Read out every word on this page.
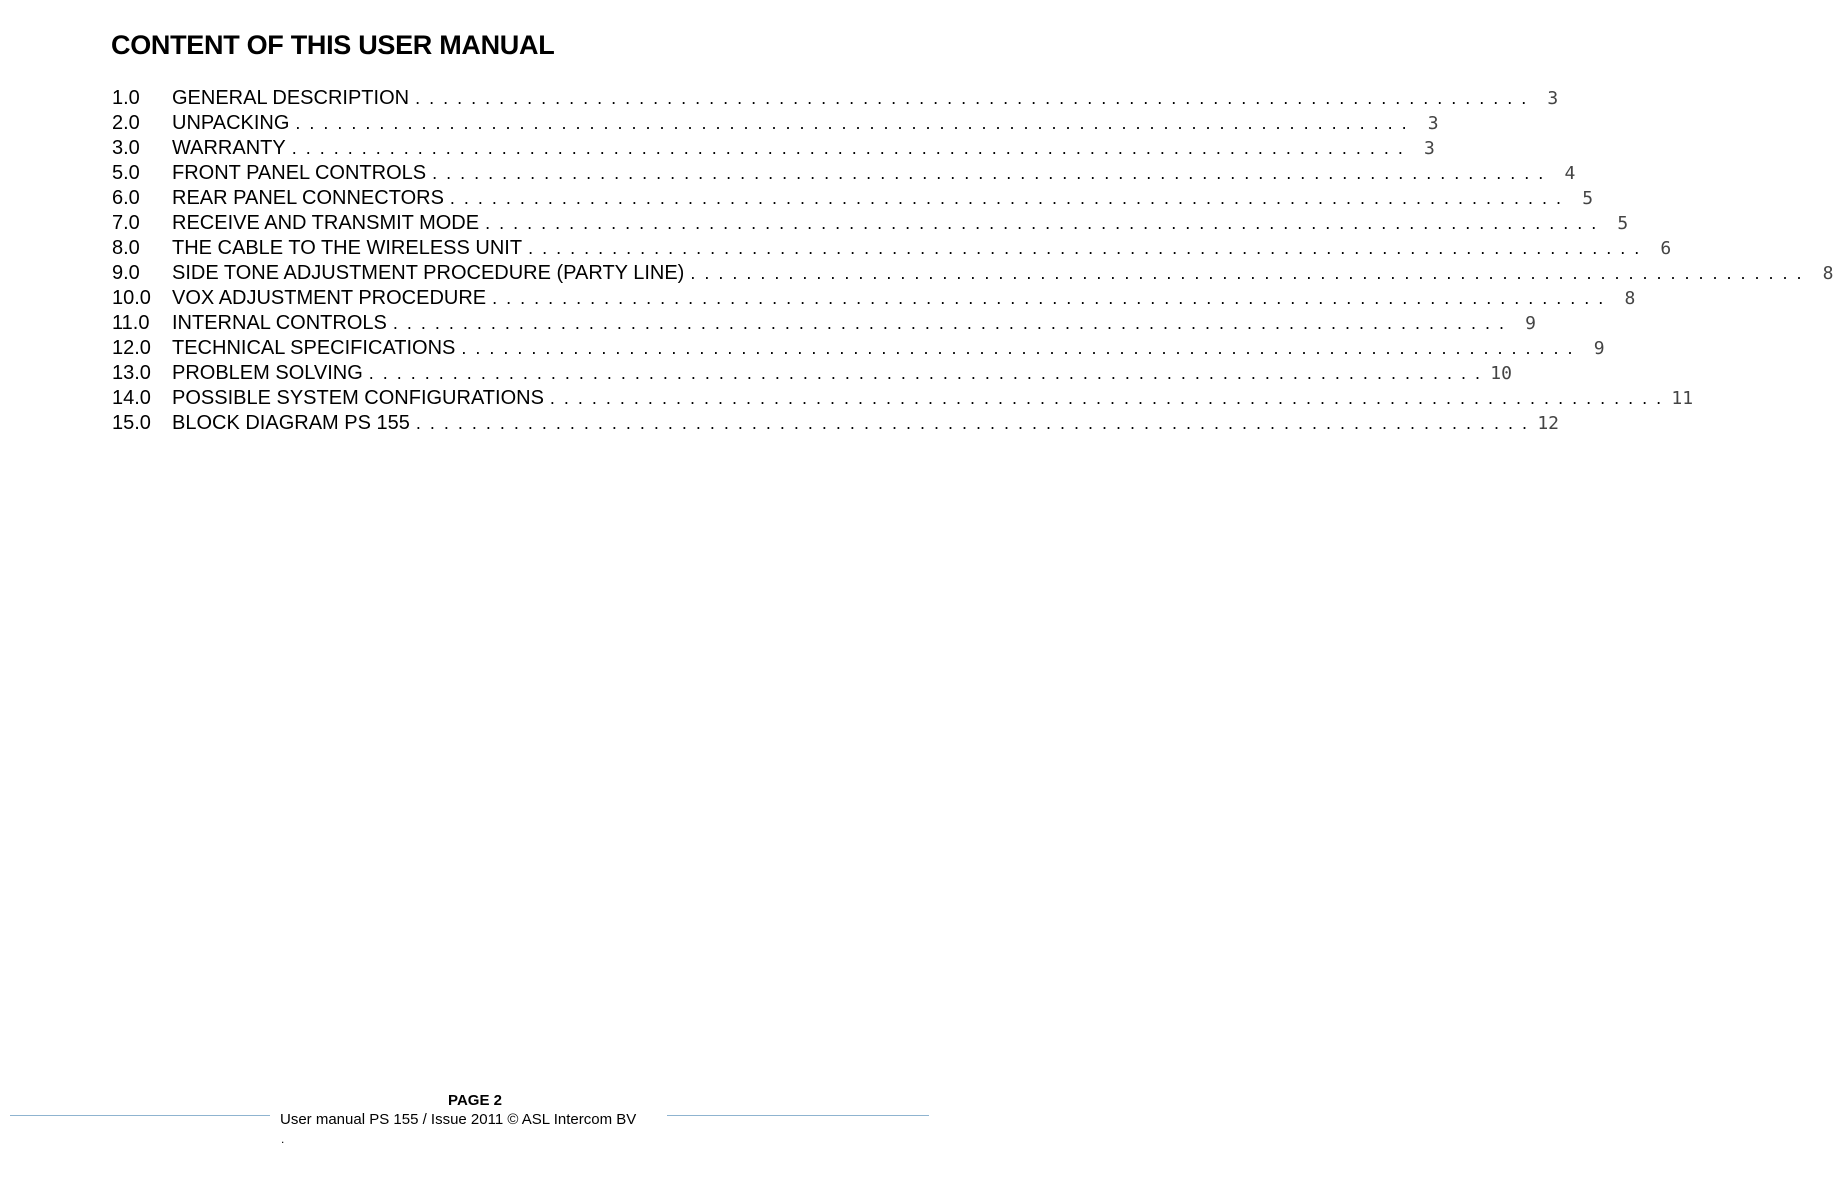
CONTENT OF THIS USER MANUAL
1.0	GENERAL DESCRIPTION . . . . . . . . . . . . . . . . . . . . . . . . . . . . . . . . . . . . . . . . . . . . . . . . . . . . . . . . . . . . . . . . . . . . . . . . . . . . . . . .	3
2.0	UNPACKING . . . . . . . . . . . . . . . . . . . . . . . . . . . . . . . . . . . . . . . . . . . . . . . . . . . . . . . . . . . . . . . . . . . . . . . . . . . . . . . .	3
3.0	WARRANTY . . . . . . . . . . . . . . . . . . . . . . . . . . . . . . . . . . . . . . . . . . . . . . . . . . . . . . . . . . . . . . . . . . . . . . . . . . . . . . . .	3
5.0	FRONT PANEL CONTROLS . . . . . . . . . . . . . . . . . . . . . . . . . . . . . . . . . . . . . . . . . . . . . . . . . . . . . . . . . . . . . . . . . . . . . . . . . . . . . . . .	4
6.0	REAR PANEL CONNECTORS . . . . . . . . . . . . . . . . . . . . . . . . . . . . . . . . . . . . . . . . . . . . . . . . . . . . . . . . . . . . . . . . . . . . . . . . . . . . . . . .	5
7.0	RECEIVE AND TRANSMIT MODE . . . . . . . . . . . . . . . . . . . . . . . . . . . . . . . . . . . . . . . . . . . . . . . . . . . . . . . . . . . . . . . . . . . . . . . . . . . . . . . .	5
8.0	THE CABLE TO THE WIRELESS UNIT . . . . . . . . . . . . . . . . . . . . . . . . . . . . . . . . . . . . . . . . . . . . . . . . . . . . . . . . . . . . . . . . . . . . . . . . . . . . . . . .	6
9.0	SIDE TONE ADJUSTMENT PROCEDURE (PARTY LINE) . . . . . . . . . . . . . . . . . . . . . . . . . . . . . . . . . . . . . . . . . . . . . . . . . . . . . . . . . . . . . . . . . . . . . . . . . . . . . . . .	8
10.0	VOX ADJUSTMENT PROCEDURE . . . . . . . . . . . . . . . . . . . . . . . . . . . . . . . . . . . . . . . . . . . . . . . . . . . . . . . . . . . . . . . . . . . . . . . . . . . . . . . .	8
11.0	INTERNAL CONTROLS . . . . . . . . . . . . . . . . . . . . . . . . . . . . . . . . . . . . . . . . . . . . . . . . . . . . . . . . . . . . . . . . . . . . . . . . . . . . . . . .	9
12.0	TECHNICAL SPECIFICATIONS . . . . . . . . . . . . . . . . . . . . . . . . . . . . . . . . . . . . . . . . . . . . . . . . . . . . . . . . . . . . . . . . . . . . . . . . . . . . . . . .	9
13.0	PROBLEM SOLVING . . . . . . . . . . . . . . . . . . . . . . . . . . . . . . . . . . . . . . . . . . . . . . . . . . . . . . . . . . . . . . . . . . . . . . . . . . . . . . . . 10
14.0	POSSIBLE SYSTEM CONFIGURATIONS . . . . . . . . . . . . . . . . . . . . . . . . . . . . . . . . . . . . . . . . . . . . . . . . . . . . . . . . . . . . . . . . . . . . . . . . . . . . . . . . 11
15.0	BLOCK DIAGRAM PS 155 . . . . . . . . . . . . . . . . . . . . . . . . . . . . . . . . . . . . . . . . . . . . . . . . . . . . . . . . . . . . . . . . . . . . . . . . . . . . . . . . 12
PAGE 2
User manual PS 155 / Issue 2011 © ASL Intercom BV
.
